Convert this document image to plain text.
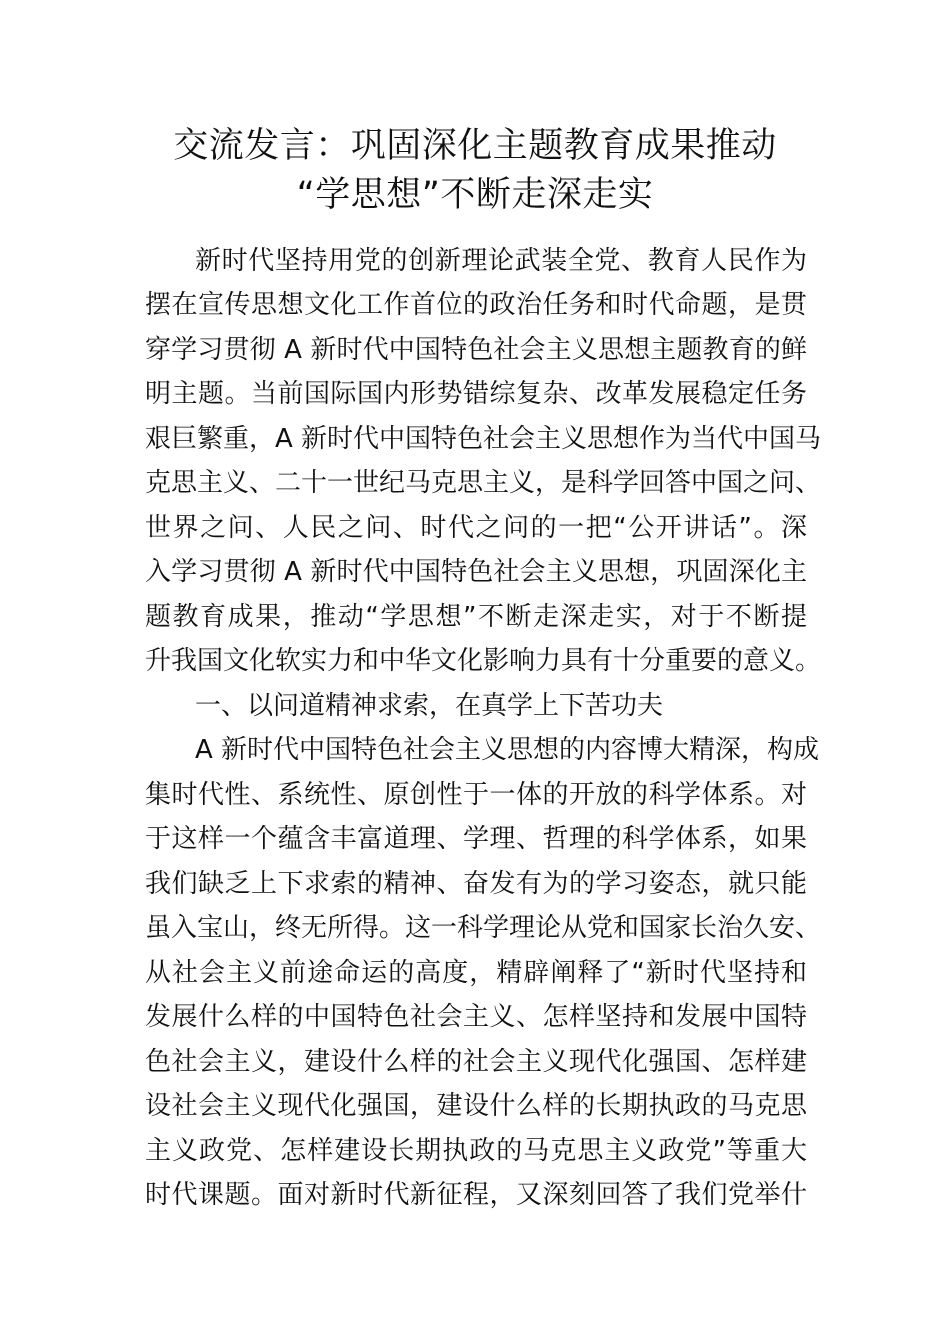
交流发言：巩固深化主题教育成果推动
“学思想”不断走深走实
新时代坚持用党的创新理论武装全党、教育人民作为
摆在宣传思想文化工作首位的政治任务和时代命题，是贯
穿学习贯彻 A 新时代中国特色社会主义思想主题教育的鲜
明主题。当前国际国内形势错综复杂、改革发展稳定任务
艰巨繁重，A 新时代中国特色社会主义思想作为当代中国马
克思主义、二十一世纪马克思主义，是科学回答中国之问、
世界之问、人民之问、时代之问的一把“公开讲话”。深
入学习贯彻 A 新时代中国特色社会主义思想，巩固深化主
题教育成果，推动“学思想”不断走深走实，对于不断提
升我国文化软实力和中华文化影响力具有十分重要的意义。
一、以问道精神求索，在真学上下苦功夫
A 新时代中国特色社会主义思想的内容博大精深，构成
集时代性、系统性、原创性于一体的开放的科学体系。对
于这样一个蕴含丰富道理、学理、哲理的科学体系，如果
我们缺乏上下求索的精神、奋发有为的学习姿态，就只能
虽入宝山，终无所得。这一科学理论从党和国家长治久安、
从社会主义前途命运的高度，精辟阐释了“新时代坚持和
发展什么样的中国特色社会主义、怎样坚持和发展中国特
色社会主义，建设什么样的社会主义现代化强国、怎样建
设社会主义现代化强国，建设什么样的长期执政的马克思
主义政党、怎样建设长期执政的马克思主义政党”等重大
时代课题。面对新时代新征程，又深刻回答了我们党举什
